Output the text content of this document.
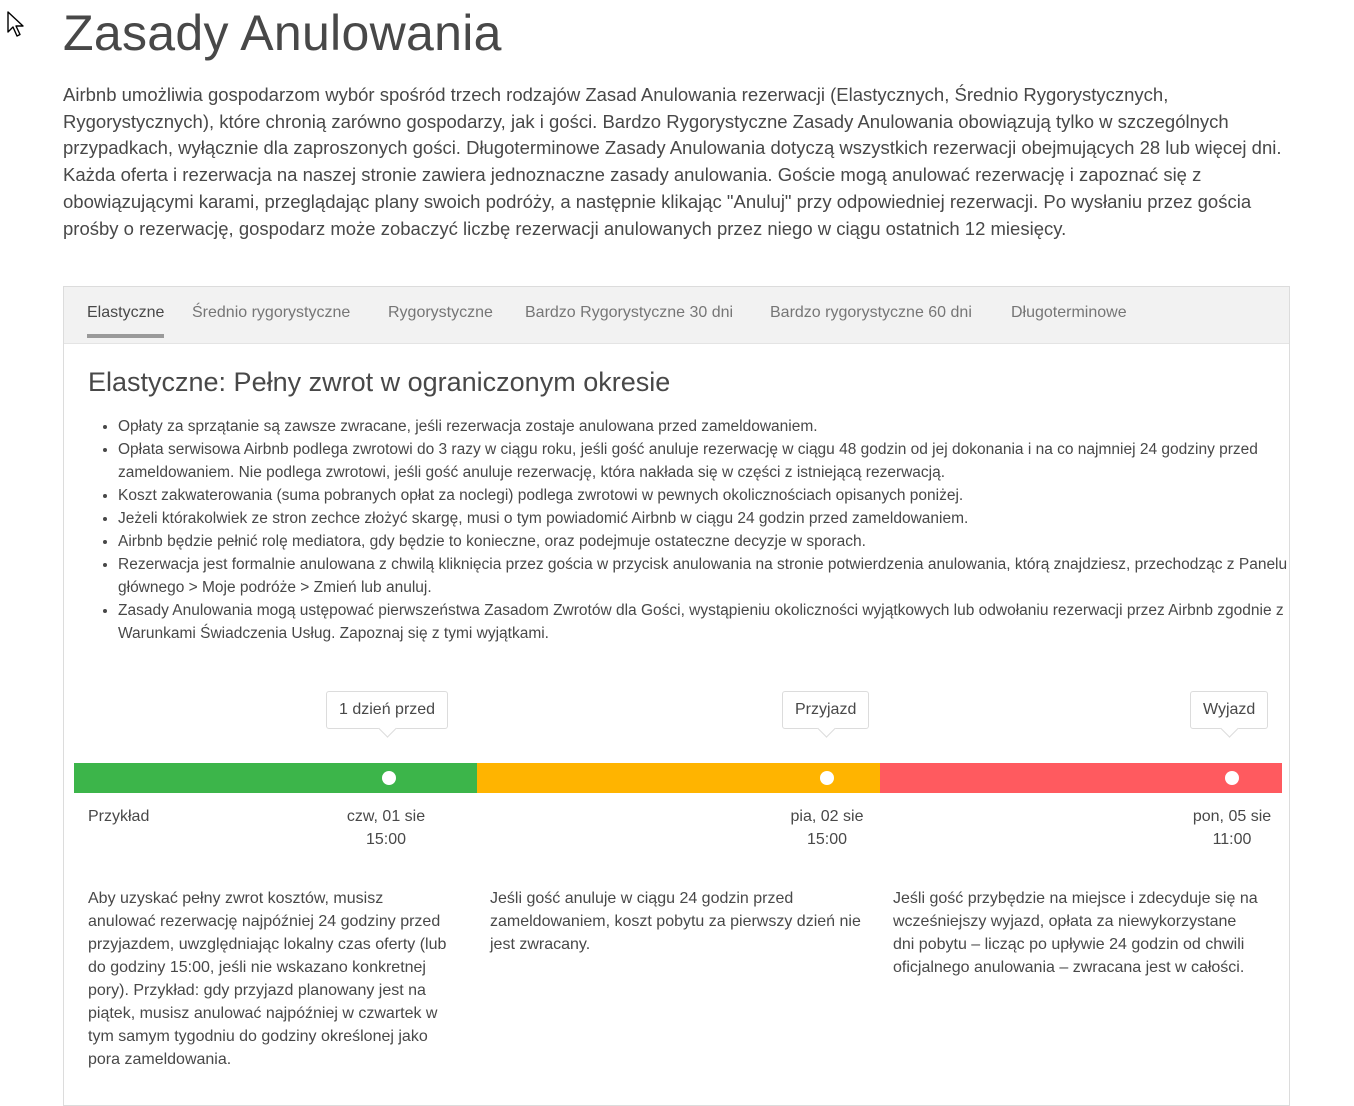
Zasady Anulowania

Airbnb umożliwia gospodarzom wybór spośród trzech rodzajów Zasad Anulowania rezerwacji (Elastycznych, Średnio Rygorystycznych, Rygorystycznych), które chronią zarówno gospodarzy, jak i gości. Bardzo Rygorystyczne Zasady Anulowania obowiązują tylko w szczególnych przypadkach, wyłącznie dla zaproszonych gości. Długoterminowe Zasady Anulowania dotyczą wszystkich rezerwacji obejmujących 28 lub więcej dni. Każda oferta i rezerwacja na naszej stronie zawiera jednoznaczne zasady anulowania. Goście mogą anulować rezerwację i zapoznać się z obowiązującymi karami, przeglądając plany swoich podróży, a następnie klikając "Anuluj" przy odpowiedniej rezerwacji. Po wysłaniu przez gościa prośby o rezerwację, gospodarz może zobaczyć liczbę rezerwacji anulowanych przez niego w ciągu ostatnich 12 miesięcy.

Elastyczne Średnio rygorystyczne Rygorystyczne Bardzo Rygorystyczne 30 dni Bardzo rygorystyczne 60 dni Długoterminowe
Elastyczne: Pełny zwrot w ograniczonym okresie
• Opłaty za sprzątanie są zawsze zwracane, jeśli rezerwacja zostaje anulowana przed zameldowaniem.
• Opłata serwisowa Airbnb podlega zwrotowi do 3 razy w ciągu roku, jeśli gość anuluje rezerwację w ciągu 48 godzin od jej dokonania i na co najmniej 24 godziny przed zameldowaniem. Nie podlega zwrotowi, jeśli gość anuluje rezerwację, która nakłada się w części z istniejącą rezerwacją.
• Koszt zakwaterowania (suma pobranych opłat za noclegi) podlega zwrotowi w pewnych okolicznościach opisanych poniżej.
• Jeżeli którakolwiek ze stron zechce złożyć skargę, musi o tym powiadomić Airbnb w ciągu 24 godzin przed zameldowaniem.
• Airbnb będzie pełnić rolę mediatora, gdy będzie to konieczne, oraz podejmuje ostateczne decyzje w sporach.
• Rezerwacja jest formalnie anulowana z chwilą kliknięcia przez gościa w przycisk anulowania na stronie potwierdzenia anulowania, którą znajdziesz, przechodząc z Panelu głównego > Moje podróże > Zmień lub anuluj.
• Zasady Anulowania mogą ustępować pierwszeństwa Zasadom Zwrotów dla Gości, wystąpieniu okoliczności wyjątkowych lub odwołaniu rezerwacji przez Airbnb zgodnie z Warunkami Świadczenia Usług. Zapoznaj się z tymi wyjątkami.
1 dzień przed	Przyjazd	Wyjazd
Przykład	czw, 01 sie
15:00
pia, 02 sie
15:00
pon, 05 sie
11:00
Aby uzyskać pełny zwrot kosztów, musisz anulować rezerwację najpóźniej 24 godziny przed przyjazdem, uwzględniając lokalny czas oferty (lub do godziny 15:00, jeśli nie wskazano konkretnej pory). Przykład: gdy przyjazd planowany jest na piątek, musisz anulować najpóźniej w czwartek w tym samym tygodniu do godziny określonej jako pora zameldowania.
Jeśli gość anuluje w ciągu 24 godzin przed zameldowaniem, koszt pobytu za pierwszy dzień nie jest zwracany.
Jeśli gość przybędzie na miejsce i zdecyduje się na wcześniejszy wyjazd, opłata za niewykorzystane dni pobytu – licząc po upływie 24 godzin od chwili oficjalnego anulowania – zwracana jest w całości.
